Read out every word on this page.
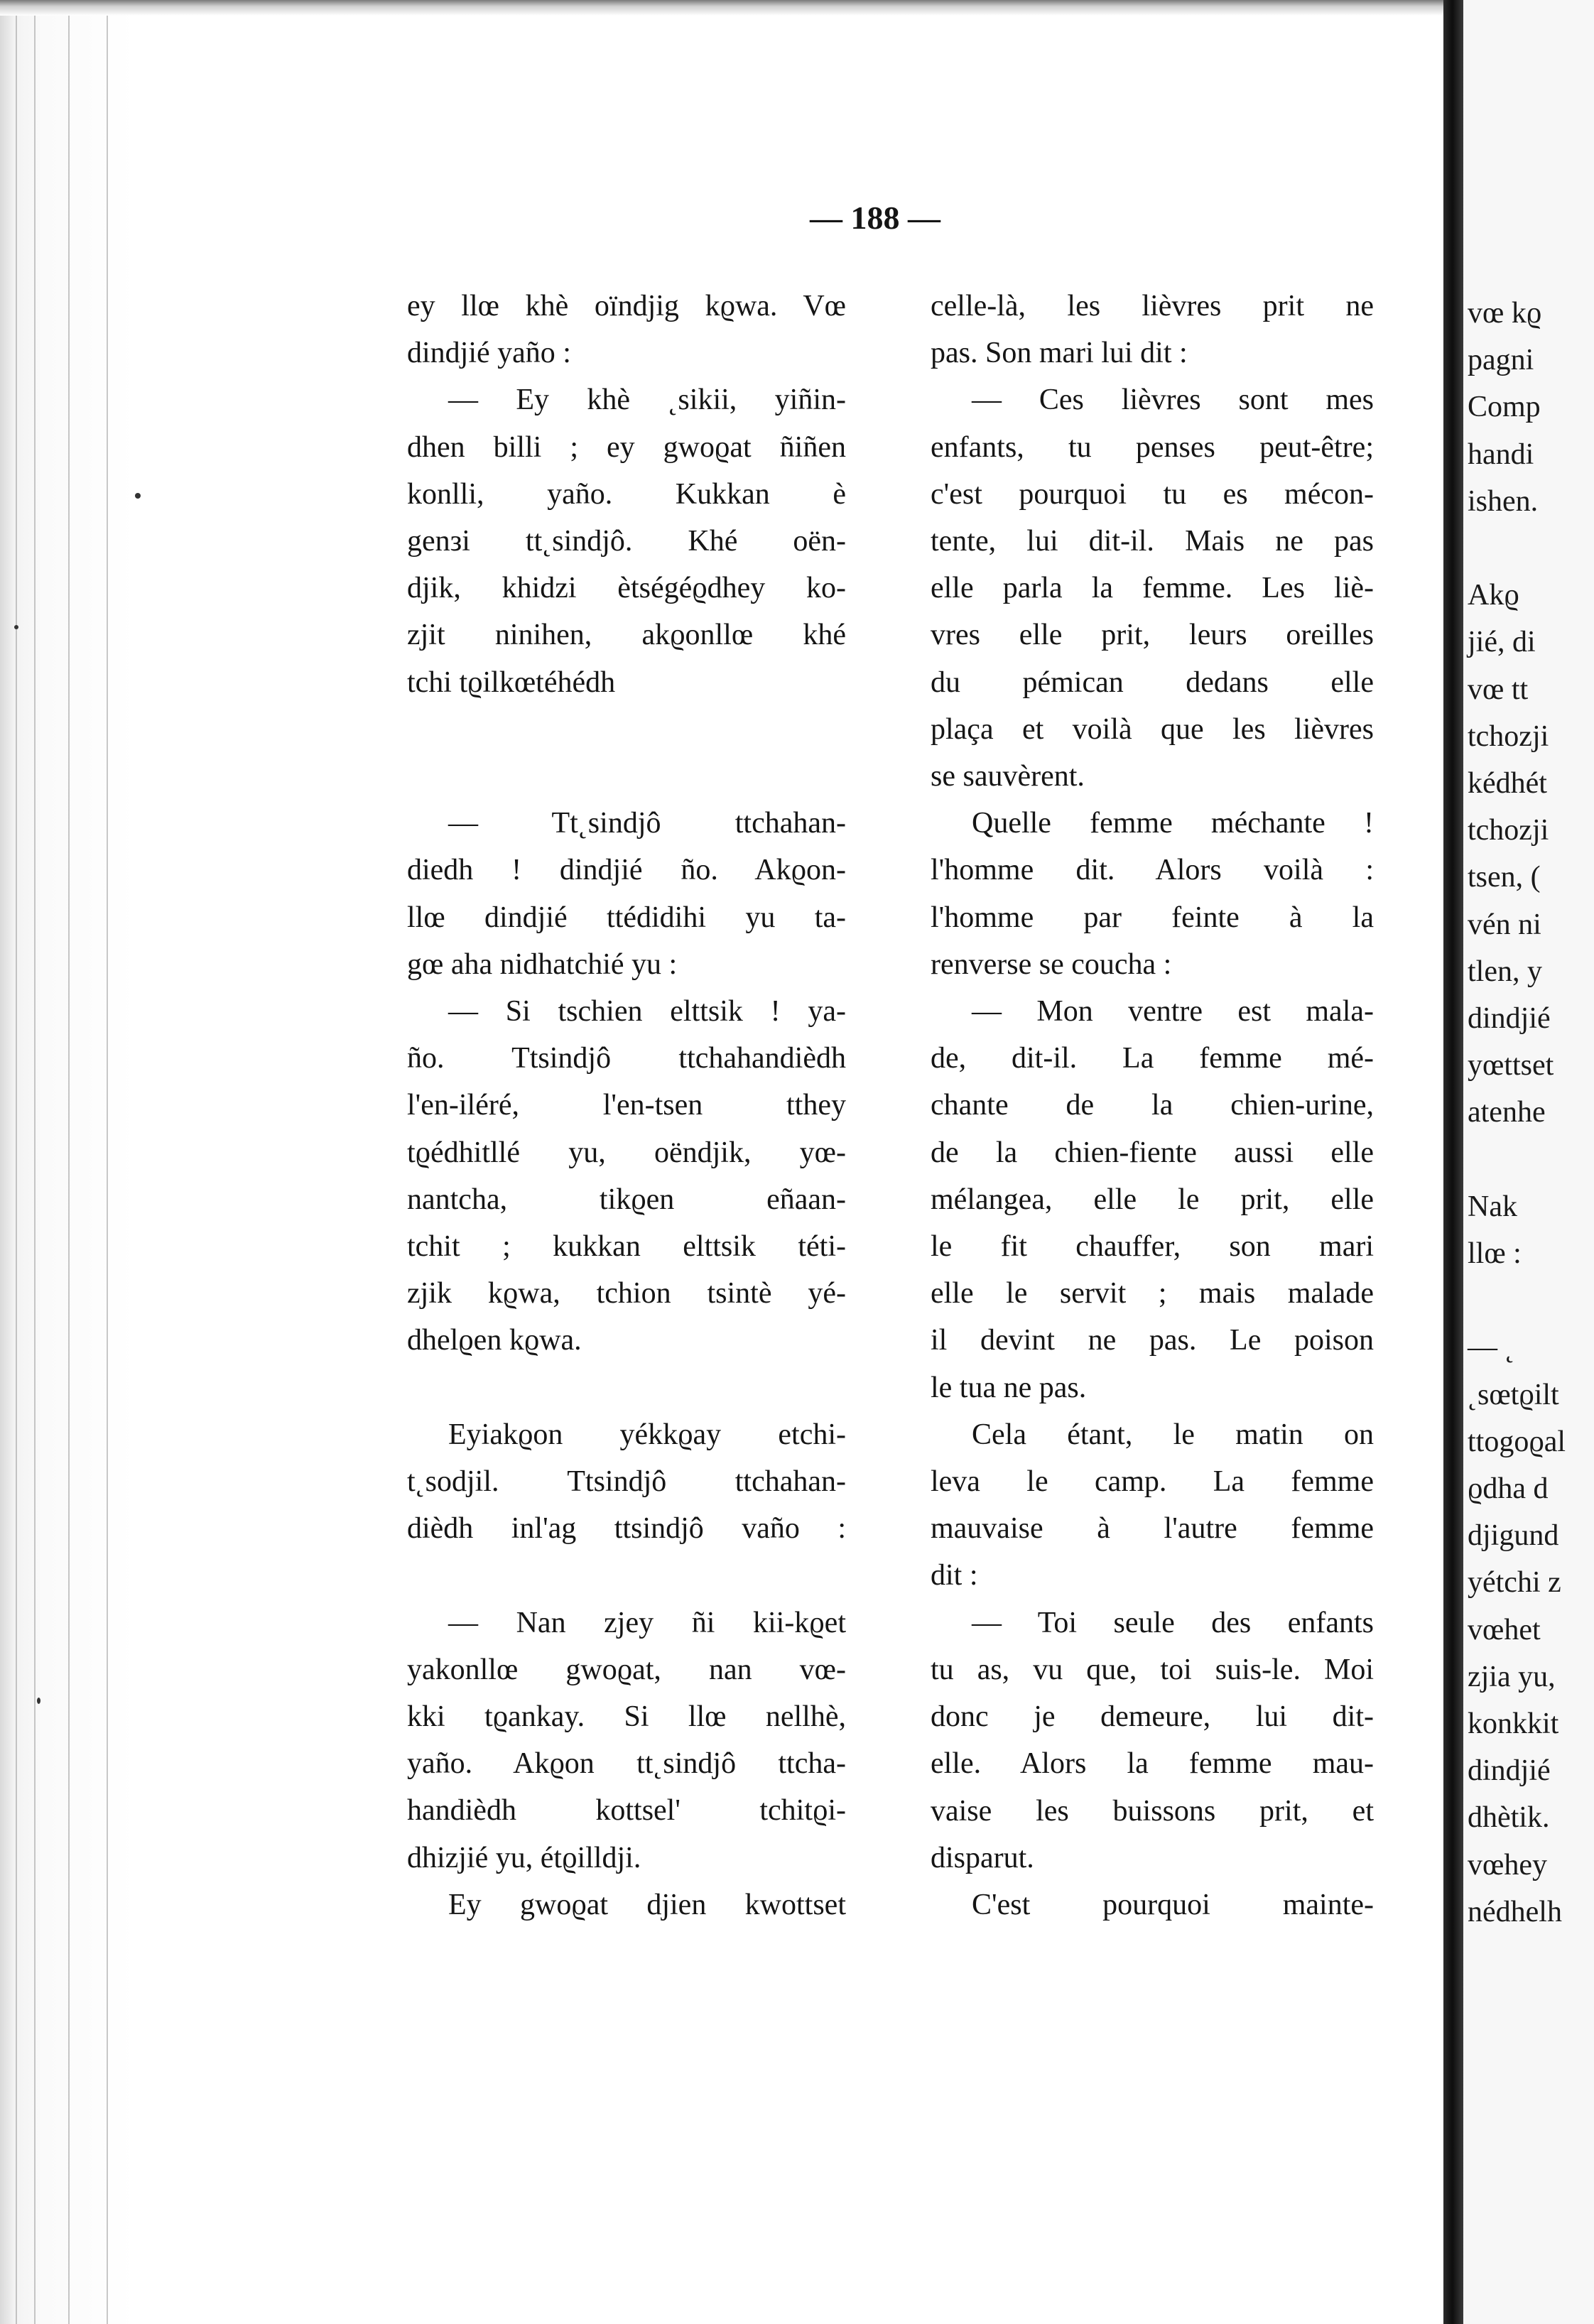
— 188 —
ey llœ khè oïndjig kϱwa. Vœ
dindjié yaño :
— Ey khè ˛sikii, yiñin-
dhen billi ; ey gwoϱat ñiñen
konlli, yaño. Kukkan è
genᴈi tt˛sindjô. Khé oën-
djik, khidzi ètségéϱdhey ko-
zjit ninihen, akϱonllœ khé
tchi tϱilkœtéhédh
— Tt˛sindjô ttchahan-
diedh ! dindjié ño. Akϱon-
llœ dindjié ttédidihi yu ta-
gœ aha nidhatchié yu :
— Si tschien elttsik ! ya-
ño. Ttsindjô ttchahandièdh
l'en-iléré, l'en-tsen tthey
tϱédhitllé yu, oëndjik, yœ-
nantcha, tikϱen eñaan-
tchit ; kukkan elttsik téti-
zjik kϱwa, tchion tsintè yé-
dhelϱen kϱwa.
Eyiakϱon yékkϱay etchi-
t˛sodjil. Ttsindjô ttchahan-
dièdh inl'ag ttsindjô vaño :
— Nan zjey ñi kii-kϱet
yakonllœ gwoϱat, nan vœ-
kki tϱankay. Si llœ nellhè,
yaño. Akϱon tt˛sindjô ttcha-
handièdh kottsel' tchitϱi-
dhizjié yu, étϱilldji.
Ey gwoϱat djien kwottset
celle-là, les lièvres prit ne
pas. Son mari lui dit :
— Ces lièvres sont mes
enfants, tu penses peut-être;
c'est pourquoi tu es mécon-
tente, lui dit-il. Mais ne pas
elle parla la femme. Les liè-
vres elle prit, leurs oreilles
du pémican dedans elle
plaça et voilà que les lièvres
se sauvèrent.
Quelle femme méchante !
l'homme dit. Alors voilà :
l'homme par feinte à la
renverse se coucha :
— Mon ventre est mala-
de, dit-il. La femme mé-
chante de la chien-urine,
de la chien-fiente aussi elle
mélangea, elle le prit, elle
le fit chauffer, son mari
elle le servit ; mais malade
il devint ne pas. Le poison
le tua ne pas.
Cela étant, le matin on
leva le camp. La femme
mauvaise à l'autre femme
dit :
— Toi seule des enfants
tu as, vu que, toi suis-le. Moi
donc je demeure, lui dit-
elle. Alors la femme mau-
vaise les buissons prit, et
disparut.
C'est pourquoi mainte-
vœ kϱ
pagni
Comp
handi
ishen.
Akϱ
jié, di
vœ tt
tchozji
kédhét
tchozji
tsen, (
vén ni
tlen, y
dindjié
yœttset
atenhe
Nak
llœ :
— ˛
˛sœtϱilt
ttogoϱal
ϱdha d
djigund
yétchi z
vœhet
zjia yu,
konkkit
dindjié
dhètik.
vœhey
nédhelh
